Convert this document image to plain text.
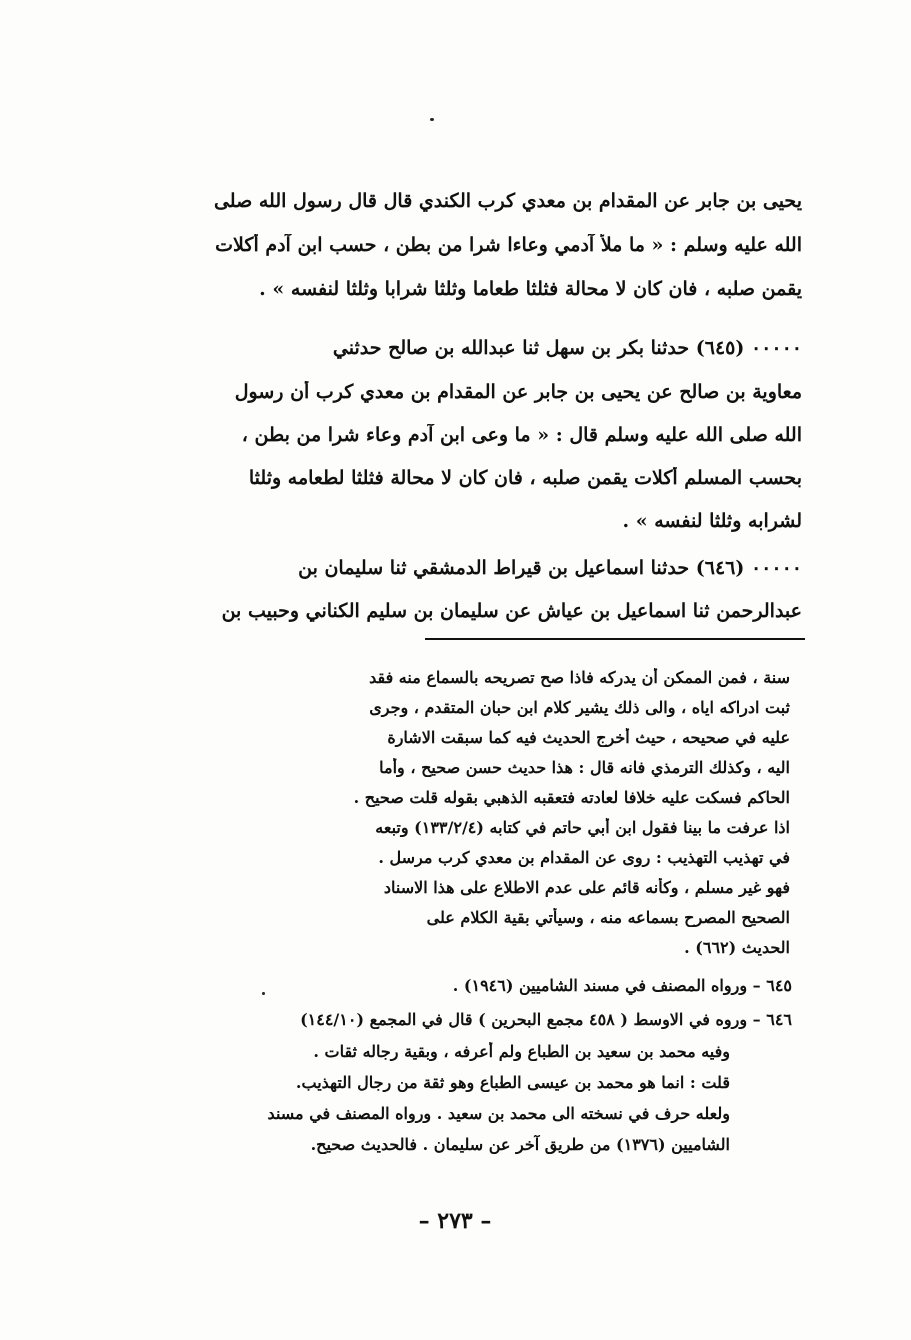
يحيى بن جابر عن المقدام بن معدي كرب الكندي قال قال رسول الله صلى
الله عليه وسلم : « ما ملأ آدمي وعاءا شرا من بطن ، حسب ابن آدم أكلات
يقمن صلبه ، فان كان لا محالة فثلثا طعاما وثلثا شرابا وثلثا لنفسه » .
٠٠٠٠٠ (٦٤٥) حدثنا بكر بن سهل ثنا عبدالله بن صالح حدثني
معاوية بن صالح عن يحيى بن جابر عن المقدام بن معدي كرب أن رسول
الله صلى الله عليه وسلم قال : « ما وعى ابن آدم وعاء شرا من بطن ،
بحسب المسلم أكلات يقمن صلبه ، فان كان لا محالة فثلثا لطعامه وثلثا
لشرابه وثلثا لنفسه » .
٠٠٠٠٠ (٦٤٦) حدثنا اسماعيل بن قيراط الدمشقي ثنا سليمان بن
عبدالرحمن ثنا اسماعيل بن عياش عن سليمان بن سليم الكناني وحبيب بن
سنة ، فمن الممكن أن يدركه فاذا صح تصريحه بالسماع منه فقد
ثبت ادراكه اياه ، والى ذلك يشير كلام ابن حبان المتقدم ، وجرى
عليه في صحيحه ، حيث أخرج الحديث فيه كما سبقت الاشارة
اليه ، وكذلك الترمذي فانه قال : هذا حديث حسن صحيح ، وأما
الحاكم فسكت عليه خلافا لعادته فتعقبه الذهبي بقوله قلت صحيح .
اذا عرفت ما بينا فقول ابن أبي حاتم في كتابه (١٣٣/٢/٤) وتبعه
في تهذيب التهذيب : روى عن المقدام بن معدي كرب مرسل .
فهو غير مسلم ، وكأنه قائم على عدم الاطلاع على هذا الاسناد
الصحيح المصرح بسماعه منه ، وسيأتي بقية الكلام على
الحديث (٦٦٢) .
٦٤٥ – ورواه المصنف في مسند الشاميين (١٩٤٦) .
٦٤٦ – وروه في الاوسط ( ٤٥٨ مجمع البحرين ) قال في المجمع (١٤٤/١٠)
وفيه محمد بن سعيد بن الطباع ولم أعرفه ، وبقية رجاله ثقات .
قلت : انما هو محمد بن عيسى الطباع وهو ثقة من رجال التهذيب.
ولعله حرف في نسخته الى محمد بن سعيد . ورواه المصنف في مسند
الشاميين (١٣٧٦) من طريق آخر عن سليمان . فالحديث صحيح.
– ٢٧٣ –
